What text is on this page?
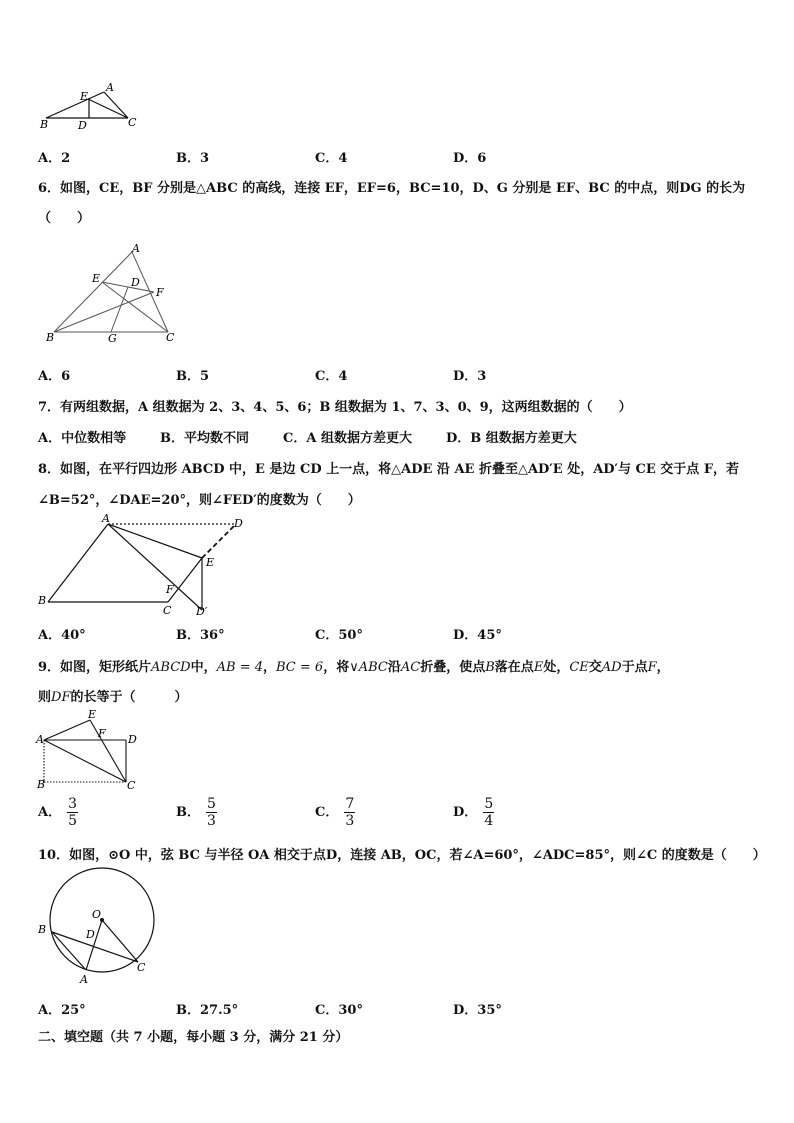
A
E
B	D	C
A．2	B．3	C．4	D．6
6．如图，CE，BF 分别是△ABC 的高线，连接 EF，EF=6，BC=10，D、G 分别是 EF、BC 的中点，则DG 的长为
（　　）
A
E	D
F
B	G	C
A．6	B．5	C．4	D．3
7．有两组数据，A 组数据为 2、3、4、5、6；B 组数据为 1、7、3、0、9，这两组数据的（　　）
A．中位数相等	B．平均数不同	C．A 组数据方差更大	D．B 组数据方差更大
8．如图，在平行四边形 ABCD 中，E 是边 CD 上一点，将△ADE 沿 AE 折叠至△AD′E 处，AD′与 CE 交于点 F，若
∠B=52°，∠DAE=20°，则∠FED′的度数为（　　）
A	D
E
F
B
C D′
A．40°	B．36°	C．50°	D．45°
9．如图，矩形纸片ABCD中，AB = 4，BC = 6，将∨ABC沿AC折叠，使点B落在点E处，CE交AD于点F，
则DF的长等于（　　　）
E
F
A	D
B	C
A． $\frac{3}{5}$	B． $\frac{5}{3}$	C． $\frac{7}{3}$	D． $\frac{5}{4}$
10．如图，⊙O 中，弦 BC 与半径 OA 相交于点D，连接 AB，OC，若∠A=60°，∠ADC=85°，则∠C 的度数是（　　）
O
B	D
A
C
A．25°	B．27.5°	C．30°	D．35°
二、填空题（共 7 小题，每小题 3 分，满分 21 分）
